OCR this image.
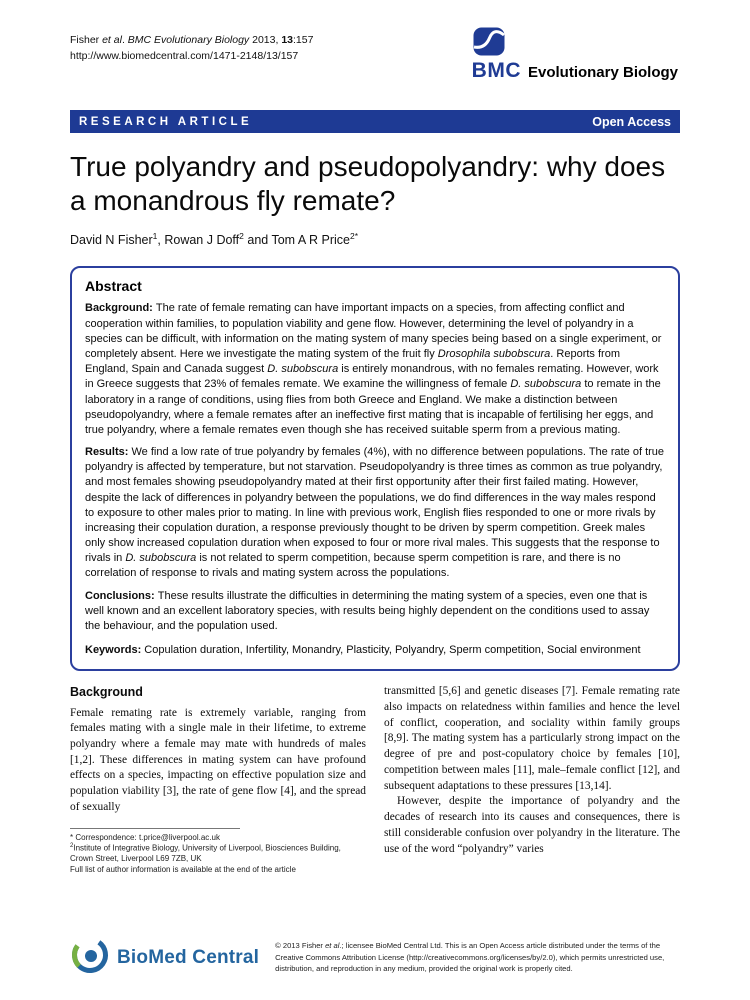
Fisher et al. BMC Evolutionary Biology 2013, 13:157
http://www.biomedcentral.com/1471-2148/13/157
BMC Evolutionary Biology
RESEARCH ARTICLE	Open Access
True polyandry and pseudopolyandry: why does a monandrous fly remate?
David N Fisher$^1$, Rowan J Doff$^2$ and Tom A R Price$^{2*}$
Abstract

Background: The rate of female remating can have important impacts on a species, from affecting conflict and cooperation within families, to population viability and gene flow. However, determining the level of polyandry in a species can be difficult, with information on the mating system of many species being based on a single experiment, or completely absent. Here we investigate the mating system of the fruit fly Drosophila subobscura. Reports from England, Spain and Canada suggest D. subobscura is entirely monandrous, with no females remating. However, work in Greece suggests that 23% of females remate. We examine the willingness of female D. subobscura to remate in the laboratory in a range of conditions, using flies from both Greece and England. We make a distinction between pseudopolyandry, where a female remates after an ineffective first mating that is incapable of fertilising her eggs, and true polyandry, where a female remates even though she has received suitable sperm from a previous mating.

Results: We find a low rate of true polyandry by females (4%), with no difference between populations. The rate of true polyandry is affected by temperature, but not starvation. Pseudopolyandry is three times as common as true polyandry, and most females showing pseudopolyandry mated at their first opportunity after their first failed mating. However, despite the lack of differences in polyandry between the populations, we do find differences in the way males respond to exposure to other males prior to mating. In line with previous work, English flies responded to one or more rivals by increasing their copulation duration, a response previously thought to be driven by sperm competition. Greek males only show increased copulation duration when exposed to four or more rival males. This suggests that the response to rivals in D. subobscura is not related to sperm competition, because sperm competition is rare, and there is no correlation of response to rivals and mating system across the populations.

Conclusions: These results illustrate the difficulties in determining the mating system of a species, even one that is well known and an excellent laboratory species, with results being highly dependent on the conditions used to assay the behaviour, and the population used.

Keywords: Copulation duration, Infertility, Monandry, Plasticity, Polyandry, Sperm competition, Social environment

Background

Female remating rate is extremely variable, ranging from females mating with a single male in their lifetime, to extreme polyandry where a female may mate with hundreds of males [1,2]. These differences in mating system can have profound effects on a species, impacting on effective population size and population viability [3], the rate of gene flow [4], and the spread of sexually

* Correspondence: t.price@liverpool.ac.uk
$^2$Institute of Integrative Biology, University of Liverpool, Biosciences Building, Crown Street, Liverpool L69 7ZB, UK
Full list of author information is available at the end of the article

transmitted [5,6] and genetic diseases [7]. Female remating rate also impacts on relatedness within families and hence the level of conflict, cooperation, and sociality within family groups [8,9]. The mating system has a particularly strong impact on the degree of pre and post-copulatory choice by females [10], competition between males [11], male–female conflict [12], and subsequent adaptations to these pressures [13,14].

However, despite the importance of polyandry and the decades of research into its causes and consequences, there is still considerable confusion over polyandry in the literature. The use of the word “polyandry” varies

BioMed Central
© 2013 Fisher et al.; licensee BioMed Central Ltd. This is an Open Access article distributed under the terms of the Creative Commons Attribution License (http://creativecommons.org/licenses/by/2.0), which permits unrestricted use, distribution, and reproduction in any medium, provided the original work is properly cited.
